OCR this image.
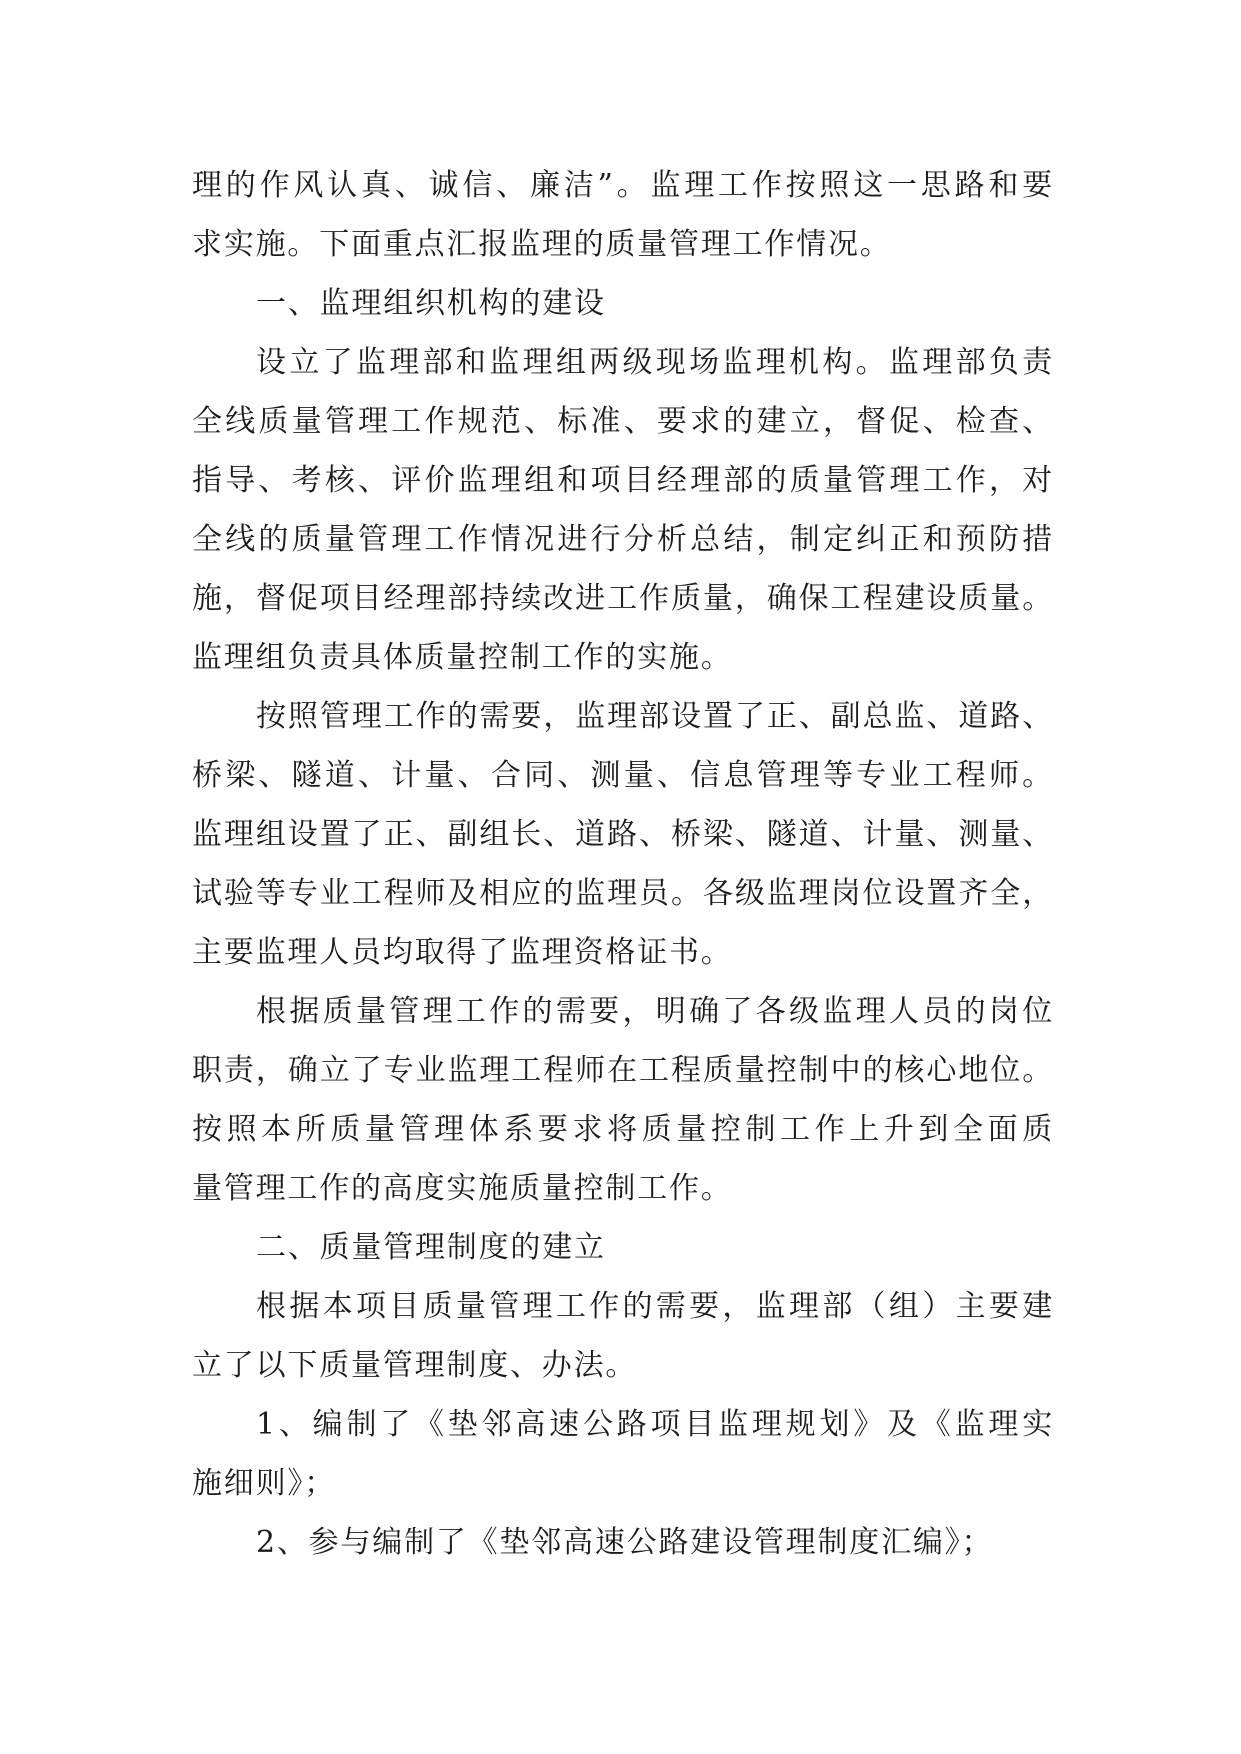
理的作风认真、诚信、廉洁”。监理工作按照这一思路和要
求实施。下面重点汇报监理的质量管理工作情况。
一、监理组织机构的建设
设立了监理部和监理组两级现场监理机构。监理部负责
全线质量管理工作规范、标准、要求的建立，督促、检查、
指导、考核、评价监理组和项目经理部的质量管理工作，对
全线的质量管理工作情况进行分析总结，制定纠正和预防措
施，督促项目经理部持续改进工作质量，确保工程建设质量。
监理组负责具体质量控制工作的实施。
按照管理工作的需要，监理部设置了正、副总监、道路、
桥梁、隧道、计量、合同、测量、信息管理等专业工程师。
监理组设置了正、副组长、道路、桥梁、隧道、计量、测量、
试验等专业工程师及相应的监理员。各级监理岗位设置齐全，
主要监理人员均取得了监理资格证书。
根据质量管理工作的需要，明确了各级监理人员的岗位
职责，确立了专业监理工程师在工程质量控制中的核心地位。
按照本所质量管理体系要求将质量控制工作上升到全面质
量管理工作的高度实施质量控制工作。
二、质量管理制度的建立
根据本项目质量管理工作的需要，监理部（组）主要建
立了以下质量管理制度、办法。
1、编制了《垫邻高速公路项目监理规划》及《监理实
施细则》；
2、参与编制了《垫邻高速公路建设管理制度汇编》；
